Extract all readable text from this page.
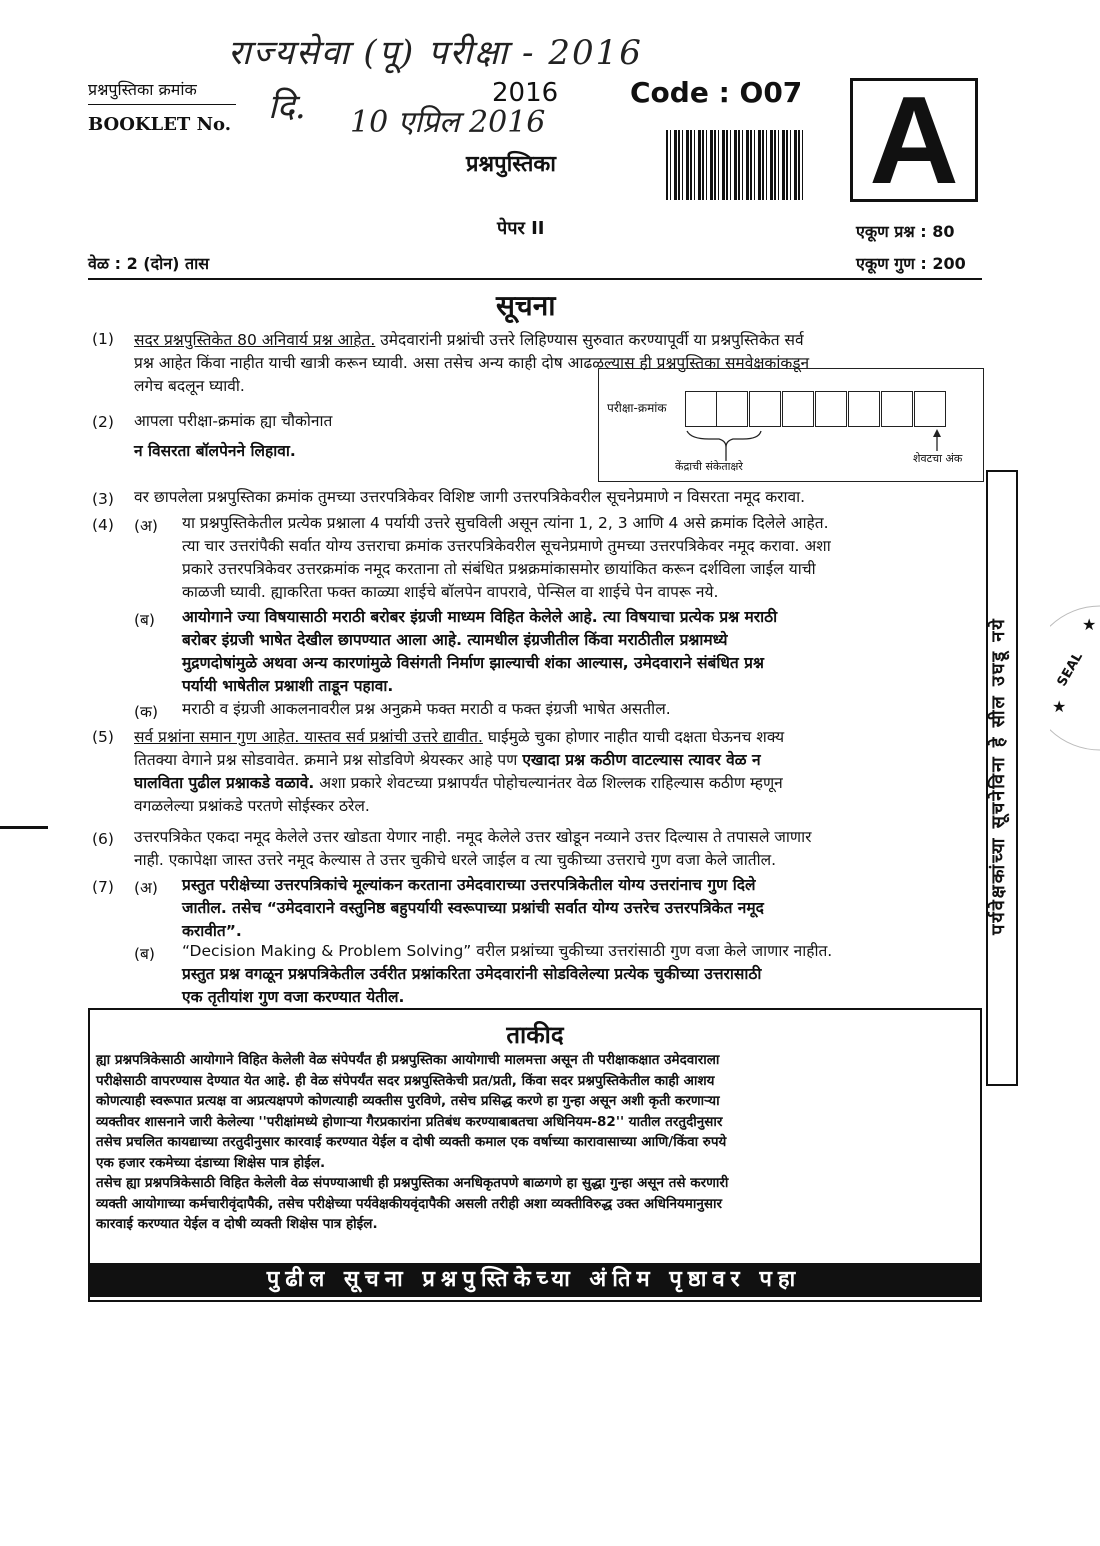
राज्यसेवा (पू) परीक्षा - 2016
दि. 10 एप्रिल 2016
प्रश्नपुस्तिका क्रमांक
BOOKLET No.
2016	Code : O07
प्रश्नपुस्तिका	A
पेपर II	एकूण प्रश्न : 80
वेळ : 2 (दोन) तास	एकूण गुण : 200
सूचना
(1) सदर प्रश्नपुस्तिकेत 80 अनिवार्य प्रश्न आहेत. उमेदवारांनी प्रश्नांची उत्तरे लिहिण्यास सुरुवात करण्यापूर्वी या प्रश्नपुस्तिकेत सर्व
प्रश्न आहेत किंवा नाहीत याची खात्री करून घ्यावी. असा तसेच अन्य काही दोष आढळल्यास ही प्रश्नपुस्तिका समवेक्षकांकडून
लगेच बदलून घ्यावी.
(2) आपला परीक्षा-क्रमांक ह्या चौकोनात
न विसरता बॉलपेनने लिहावा.
परीक्षा-क्रमांक
केंद्राची संकेताक्षरे
शेवटचा अंक
(3) वर छापलेला प्रश्नपुस्तिका क्रमांक तुमच्या उत्तरपत्रिकेवर विशिष्ट जागी उत्तरपत्रिकेवरील सूचनेप्रमाणे न विसरता नमूद करावा.
(4) (अ) या प्रश्नपुस्तिकेतील प्रत्येक प्रश्नाला 4 पर्यायी उत्तरे सुचविली असून त्यांना 1, 2, 3 आणि 4 असे क्रमांक दिलेले आहेत.
त्या चार उत्तरांपैकी सर्वात योग्य उत्तराचा क्रमांक उत्तरपत्रिकेवरील सूचनेप्रमाणे तुमच्या उत्तरपत्रिकेवर नमूद करावा. अशा
प्रकारे उत्तरपत्रिकेवर उत्तरक्रमांक नमूद करताना तो संबंधित प्रश्नक्रमांकासमोर छायांकित करून दर्शविला जाईल याची
काळजी घ्यावी. ह्याकरिता फक्त काळ्या शाईचे बॉलपेन वापरावे, पेन्सिल वा शाईचे पेन वापरू नये.
(ब) आयोगाने ज्या विषयासाठी मराठी बरोबर इंग्रजी माध्यम विहित केलेले आहे. त्या विषयाचा प्रत्येक प्रश्न मराठी
बरोबर इंग्रजी भाषेत देखील छापण्यात आला आहे. त्यामधील इंग्रजीतील किंवा मराठीतील प्रश्नामध्ये
मुद्रणदोषांमुळे अथवा अन्य कारणांमुळे विसंगती निर्माण झाल्याची शंका आल्यास, उमेदवाराने संबंधित प्रश्न
पर्यायी भाषेतील प्रश्नाशी ताडून पहावा.
(क) मराठी व इंग्रजी आकलनावरील प्रश्न अनुक्रमे फक्त मराठी व फक्त इंग्रजी भाषेत असतील.
(5) सर्व प्रश्नांना समान गुण आहेत. यास्तव सर्व प्रश्नांची उत्तरे द्यावीत. घाईमुळे चुका होणार नाहीत याची दक्षता घेऊनच शक्य
तितक्या वेगाने प्रश्न सोडवावेत. क्रमाने प्रश्न सोडविणे श्रेयस्कर आहे पण एखादा प्रश्न कठीण वाटल्यास त्यावर वेळ न
घालविता पुढील प्रश्नाकडे वळावे. अशा प्रकारे शेवटच्या प्रश्नापर्यंत पोहोचल्यानंतर वेळ शिल्लक राहिल्यास कठीण म्हणून
वगळलेल्या प्रश्नांकडे परतणे सोईस्कर ठरेल.
(6) उत्तरपत्रिकेत एकदा नमूद केलेले उत्तर खोडता येणार नाही. नमूद केलेले उत्तर खोडून नव्याने उत्तर दिल्यास ते तपासले जाणार
नाही. एकापेक्षा जास्त उत्तरे नमूद केल्यास ते उत्तर चुकीचे धरले जाईल व त्या चुकीच्या उत्तराचे गुण वजा केले जातील.
(7) (अ) प्रस्तुत परीक्षेच्या उत्तरपत्रिकांचे मूल्यांकन करताना उमेदवाराच्या उत्तरपत्रिकेतील योग्य उत्तरांनाच गुण दिले
जातील. तसेच “उमेदवाराने वस्तुनिष्ठ बहुपर्यायी स्वरूपाच्या प्रश्नांची सर्वात योग्य उत्तरेच उत्तरपत्रिकेत नमूद
करावीत”.
(ब) “Decision Making & Problem Solving” वरील प्रश्नांच्या चुकीच्या उत्तरांसाठी गुण वजा केले जाणार नाहीत.
प्रस्तुत प्रश्न वगळून प्रश्नपत्रिकेतील उर्वरीत प्रश्नांकरिता उमेदवारांनी सोडविलेल्या प्रत्येक चुकीच्या उत्तरासाठी
एक तृतीयांश गुण वजा करण्यात येतील.
ताकीद
ह्या प्रश्नपत्रिकेसाठी आयोगाने विहित केलेली वेळ संपेपर्यंत ही प्रश्नपुस्तिका आयोगाची मालमत्ता असून ती परीक्षाकक्षात उमेदवाराला
परीक्षेसाठी वापरण्यास देण्यात येत आहे. ही वेळ संपेपर्यंत सदर प्रश्नपुस्तिकेची प्रत/प्रती, किंवा सदर प्रश्नपुस्तिकेतील काही आशय
कोणत्याही स्वरूपात प्रत्यक्ष वा अप्रत्यक्षपणे कोणत्याही व्यक्तीस पुरविणे, तसेच प्रसिद्ध करणे हा गुन्हा असून अशी कृती करणाऱ्या
व्यक्तीवर शासनाने जारी केलेल्या ''परीक्षांमध्ये होणाऱ्या गैरप्रकारांना प्रतिबंध करण्याबाबतचा अधिनियम-82'' यातील तरतुदीनुसार
तसेच प्रचलित कायद्याच्या तरतुदीनुसार कारवाई करण्यात येईल व दोषी व्यक्ती कमाल एक वर्षाच्या कारावासाच्या आणि/किंवा रुपये
एक हजार रकमेच्या दंडाच्या शिक्षेस पात्र होईल.
तसेच ह्या प्रश्नपत्रिकेसाठी विहित केलेली वेळ संपण्याआधी ही प्रश्नपुस्तिका अनधिकृतपणे बाळगणे हा सुद्धा गुन्हा असून तसे करणारी
व्यक्ती आयोगाच्या कर्मचारीवृंदापैकी, तसेच परीक्षेच्या पर्यवेक्षकीयवृंदापैकी असली तरीही अशा व्यक्तीविरुद्ध उक्त अधिनियमानुसार
कारवाई करण्यात येईल व दोषी व्यक्ती शिक्षेस पात्र होईल.
पुढील सूचना प्रश्नपुस्तिकेच्या अंतिम पृष्ठावर पहा
पर्यवेक्षकांच्या सूचनेविना हे सील उघडू नये	★
★
SEAL
